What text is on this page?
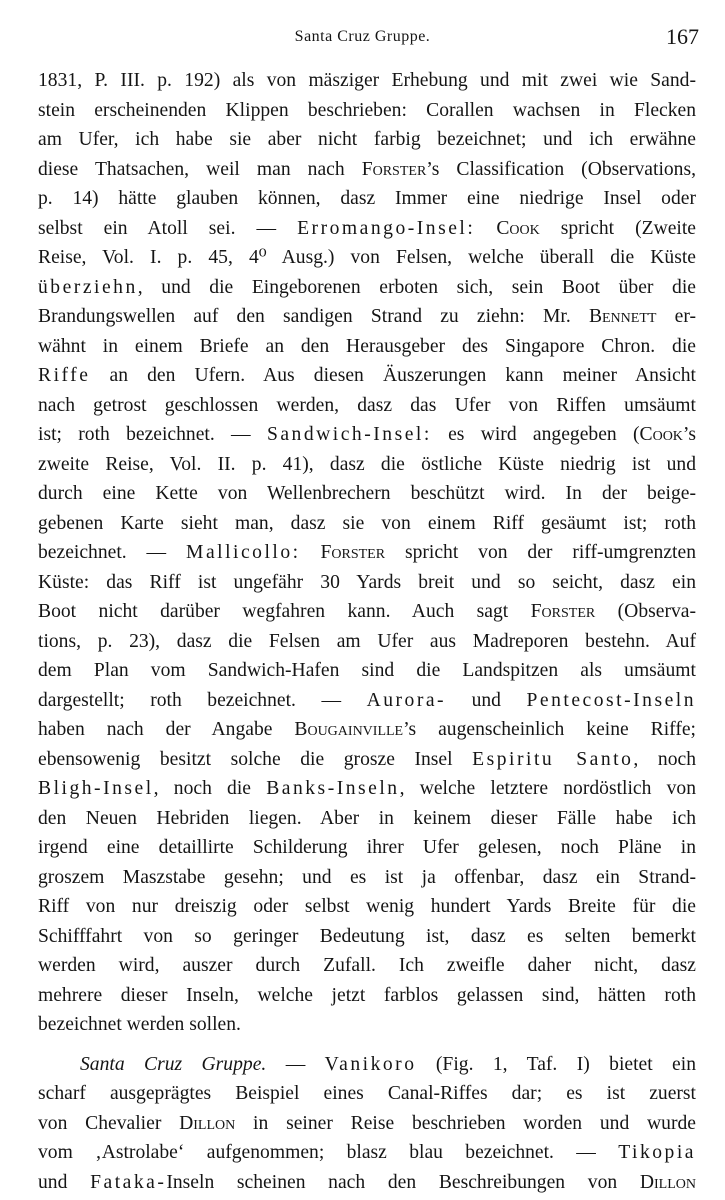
Santa Cruz Gruppe.	167
1831, P. III. p. 192) als von mäsziger Erhebung und mit zwei wie Sand-
stein erscheinenden Klippen beschrieben: Corallen wachsen in Flecken
am Ufer, ich habe sie aber nicht farbig bezeichnet; und ich erwähne
diese Thatsachen, weil man nach Forster’s Classification (Observations,
p. 14) hätte glauben können, dasz Immer eine niedrige Insel oder
selbst ein Atoll sei. — Erromango-Insel: Cook spricht (Zweite
Reise, Vol. I. p. 45, 4⁰ Ausg.) von Felsen, welche überall die Küste
überziehn, und die Eingeborenen erboten sich, sein Boot über die
Brandungswellen auf den sandigen Strand zu ziehn: Mr. Bennett er-
wähnt in einem Briefe an den Herausgeber des Singapore Chron. die
Riffe an den Ufern. Aus diesen Äuszerungen kann meiner Ansicht
nach getrost geschlossen werden, dasz das Ufer von Riffen umsäumt
ist; roth bezeichnet. — Sandwich-Insel: es wird angegeben (Cook’s
zweite Reise, Vol. II. p. 41), dasz die östliche Küste niedrig ist und
durch eine Kette von Wellenbrechern beschützt wird. In der beige-
gebenen Karte sieht man, dasz sie von einem Riff gesäumt ist; roth
bezeichnet. — Mallicollo: Forster spricht von der riff-umgrenzten
Küste: das Riff ist ungefähr 30 Yards breit und so seicht, dasz ein
Boot nicht darüber wegfahren kann. Auch sagt Forster (Observa-
tions, p. 23), dasz die Felsen am Ufer aus Madreporen bestehn. Auf
dem Plan vom Sandwich-Hafen sind die Landspitzen als umsäumt
dargestellt; roth bezeichnet. — Aurora- und Pentecost-Inseln
haben nach der Angabe Bougainville’s augenscheinlich keine Riffe;
ebensowenig besitzt solche die grosze Insel Espiritu Santo, noch
Bligh-Insel, noch die Banks-Inseln, welche letztere nordöstlich von
den Neuen Hebriden liegen. Aber in keinem dieser Fälle habe ich
irgend eine detaillirte Schilderung ihrer Ufer gelesen, noch Pläne in
groszem Maszstabe gesehn; und es ist ja offenbar, dasz ein Strand-
Riff von nur dreiszig oder selbst wenig hundert Yards Breite für die
Schifffahrt von so geringer Bedeutung ist, dasz es selten bemerkt
werden wird, auszer durch Zufall. Ich zweifle daher nicht, dasz
mehrere dieser Inseln, welche jetzt farblos gelassen sind, hätten roth
bezeichnet werden sollen.
Santa Cruz Gruppe. — Vanikoro (Fig. 1, Taf. I) bietet ein
scharf ausgeprägtes Beispiel eines Canal-Riffes dar; es ist zuerst
von Chevalier Dillon in seiner Reise beschrieben worden und wurde
vom ‚Astrolabe‘ aufgenommen; blasz blau bezeichnet. — Tikopia
und Fataka-Inseln scheinen nach den Beschreibungen von Dillon
